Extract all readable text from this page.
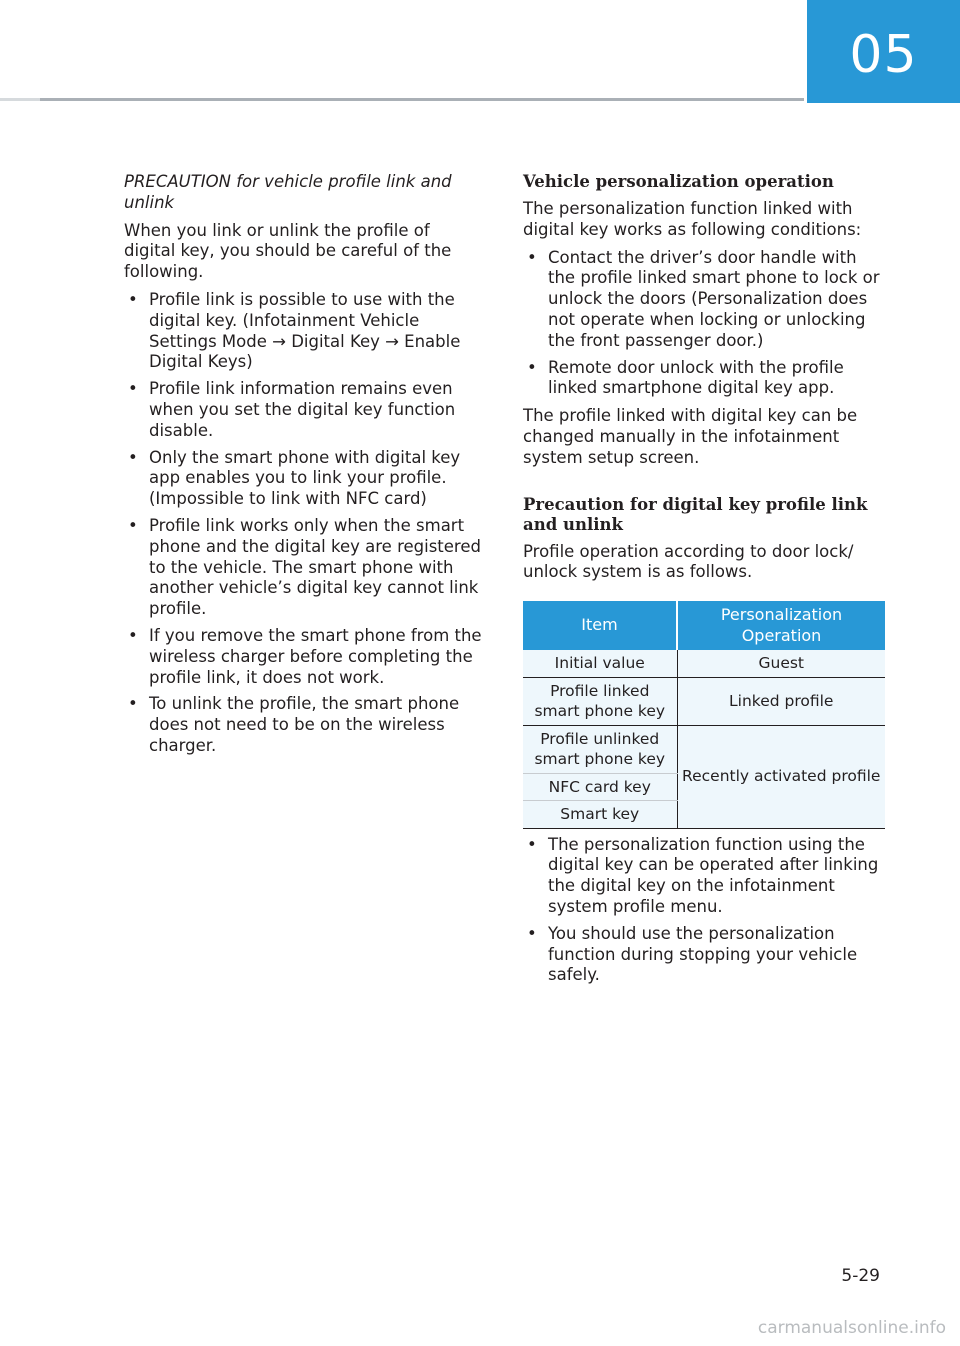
05

PRECAUTION for vehicle profile link and unlink

When you link or unlink the profile of digital key, you should be careful of the following.

• Profile link is possible to use with the digital key. (Infotainment Vehicle Settings Mode → Digital Key → Enable Digital Keys)
• Profile link information remains even when you set the digital key function disable.
• Only the smart phone with digital key app enables you to link your profile. (Impossible to link with NFC card)
• Profile link works only when the smart phone and the digital key are registered to the vehicle. The smart phone with another vehicle’s digital key cannot link profile.
• If you remove the smart phone from the wireless charger before completing the profile link, it does not work.
• To unlink the profile, the smart phone does not need to be on the wireless charger.
Vehicle personalization operation

The personalization function linked with digital key works as following conditions:

• Contact the driver’s door handle with the profile linked smart phone to lock or unlock the doors (Personalization does not operate when locking or unlocking the front passenger door.)
• Remote door unlock with the profile linked smartphone digital key app.

The profile linked with digital key can be changed manually in the infotainment system setup screen.

Precaution for digital key profile link and unlink

Profile operation according to door lock/ unlock system is as follows.

Item	Personalization Operation
Initial value	Guest
Profile linked smart phone key	Linked profile
Profile unlinked smart phone key	Recently activated profile
NFC card key	
Smart key	
• The personalization function using the digital key can be operated after linking the digital key on the infotainment system profile menu.
• You should use the personalization function during stopping your vehicle safely.
5-29
carmanualsonline.info
